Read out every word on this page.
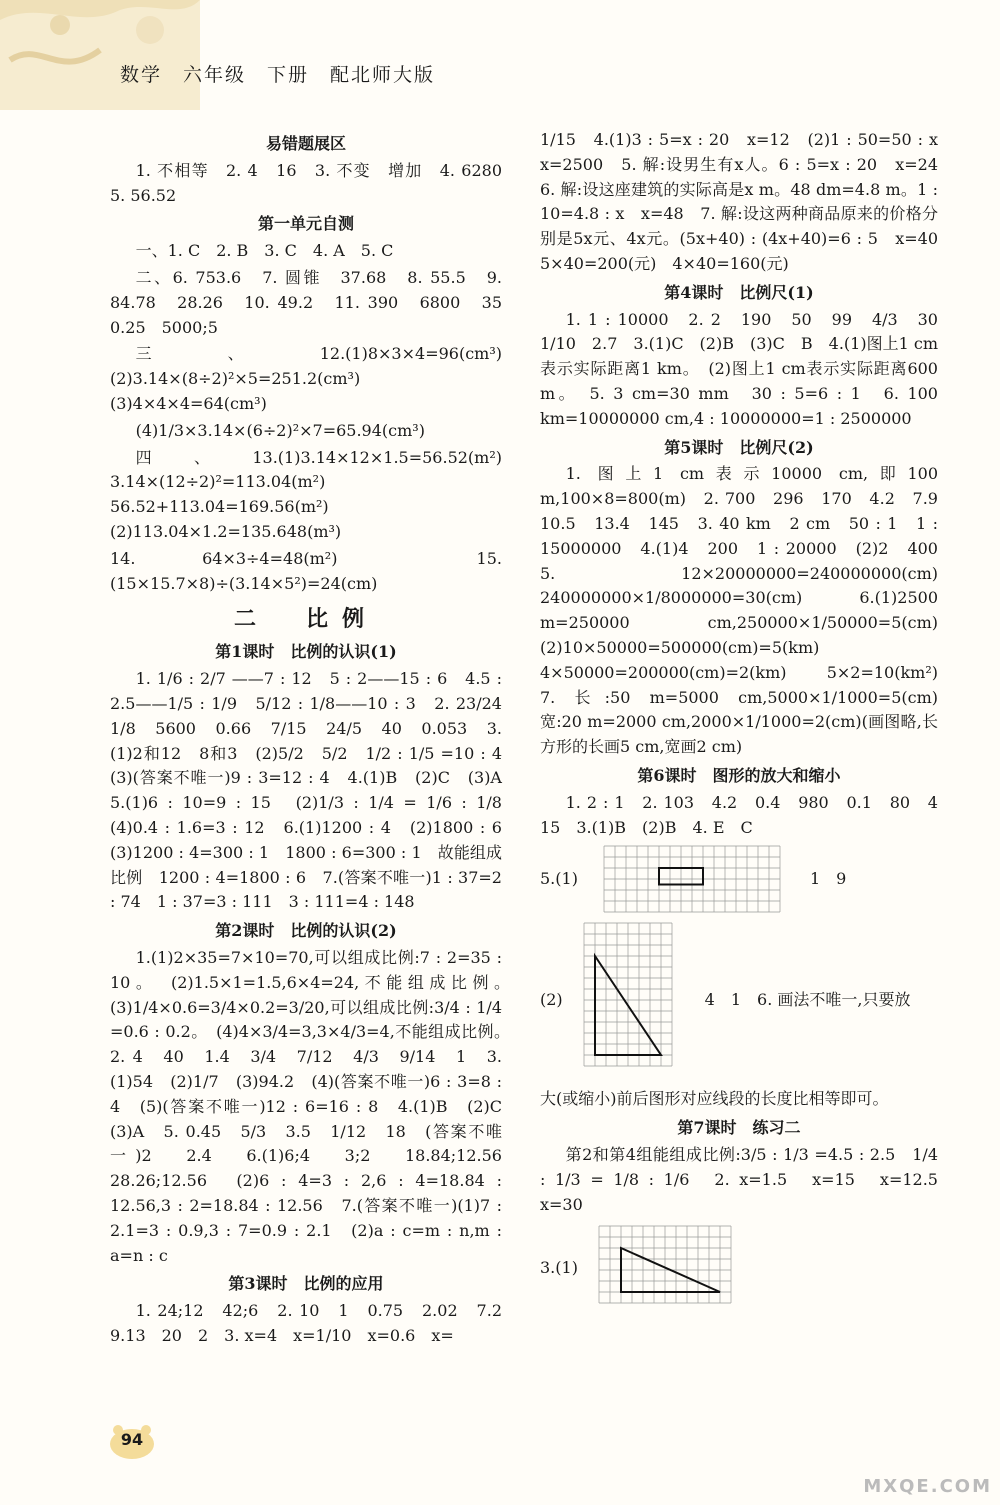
数学　六年级　下册　配北师大版
易错题展区

1. 不相等　2. 4　16　3. 不变　增加　4. 6280　5. 56.52

第一单元自测

一、1. C　2. B　3. C　4. A　5. C

二、6. 753.6　7. 圆锥　37.68　8. 55.5　9. 84.78　28.26　10. 49.2　11. 390　6800　35　0.25　5000;5

三、12.(1)8×3×4=96(cm³)　(2)3.14×(8÷2)²×5=251.2(cm³)　(3)4×4×4=64(cm³)

(4)1/3×3.14×(6÷2)²×7=65.94(cm³)

四、13.(1)3.14×12×1.5=56.52(m²)　3.14×(12÷2)²=113.04(m²)　56.52+113.04=169.56(m²)　(2)113.04×1.2=135.648(m³)

14. 64×3÷4=48(m²)　15. (15×15.7×8)÷(3.14×5²)=24(cm)

二　比例
第1课时　比例的认识(1)

1. 1/6 : 2/7 ——7 : 12　5 : 2——15 : 6　4.5 : 2.5——1/5 : 1/9　5/12 : 1/8——10 : 3　2. 23/24　1/8　5600　0.66　7/15　24/5　40　0.053　3.(1)2和12　8和3　(2)5/2　5/2　1/2 : 1/5 =10 : 4　(3)(答案不唯一)9 : 3=12 : 4　4.(1)B　(2)C　(3)A　5.(1)6 : 10=9 : 15　(2)1/3 : 1/4 = 1/6 : 1/8　(4)0.4 : 1.6=3 : 12　6.(1)1200 : 4　(2)1800 : 6　(3)1200 : 4=300 : 1　1800 : 6=300 : 1　故能组成比例　1200 : 4=1800 : 6　7.(答案不唯一)1 : 37=2 : 74　1 : 37=3 : 111　3 : 111=4 : 148

第2课时　比例的认识(2)

1.(1)2×35=7×10=70,可以组成比例:7 : 2=35 : 10。　(2)1.5×1=1.5,6×4=24,不能组成比例。　(3)1/4×0.6=3/4×0.2=3/20,可以组成比例:3/4 : 1/4 =0.6 : 0.2。　(4)4×3/4=3,3×4/3=4,不能组成比例。　2. 4　40　1.4　3/4　7/12　4/3　9/14　1　3.(1)54　(2)1/7　(3)94.2　(4)(答案不唯一)6 : 3=8 : 4　(5)(答案不唯一)12 : 6=16 : 8　4.(1)B　(2)C　(3)A　5. 0.45　5/3　3.5　1/12　18　(答案不唯一)2　2.4　6.(1)6;4　3;2　18.84;12.56　28.26;12.56　(2)6 : 4=3 : 2,6 : 4=18.84 : 12.56,3 : 2=18.84 : 12.56　7.(答案不唯一)(1)7 : 2.1=3 : 0.9,3 : 7=0.9 : 2.1　(2)a : c=m : n,m : a=n : c

第3课时　比例的应用

1. 24;12　42;6　2. 10　1　0.75　2.02　7.2　9.13　20　2　3. x=4　x=1/10　x=0.6　x=

1/15　4.(1)3 : 5=x : 20　x=12　(2)1 : 50=50 : x　x=2500　5. 解:设男生有x人。6 : 5=x : 20　x=24　6. 解:设这座建筑的实际高是x m。48 dm=4.8 m。1 : 10=4.8 : x　x=48　7. 解:设这两种商品原来的价格分别是5x元、4x元。(5x+40) : (4x+40)=6 : 5　x=40　5×40=200(元)　4×40=160(元)

第4课时　比例尺(1)

1. 1 : 10000　2. 2　190　50　99　4/3　30　1/10　2.7　3.(1)C　(2)B　(3)C　B　4.(1)图上1 cm表示实际距离1 km。　(2)图上1 cm表示实际距离600 m。　5. 3 cm=30 mm　30 : 5=6 : 1　6. 100 km=10000000 cm,4 : 10000000=1 : 2500000

第5课时　比例尺(2)

1. 图上1 cm表示10000 cm,即100 m,100×8=800(m)　2. 700　296　170　4.2　7.9　10.5　13.4　145　3. 40 km　2 cm　50 : 1　1 : 15000000　4.(1)4　200　1 : 20000　(2)2　400　5. 12×20000000=240000000(cm)　240000000×1/8000000=30(cm)　6.(1)2500 m=250000 cm,250000×1/50000=5(cm)　(2)10×50000=500000(cm)=5(km)　4×50000=200000(cm)=2(km)　5×2=10(km²)　7. 长:50 m=5000 cm,5000×1/1000=5(cm)　宽:20 m=2000 cm,2000×1/1000=2(cm)(画图略,长方形的长画5 cm,宽画2 cm)

第6课时　图形的放大和缩小

1. 2 : 1　2. 103　4.2　0.4　980　0.1　80　4　15　3.(1)B　(2)B　4. E　C

5.(1)	1　9
(2)	4　1　6. 画法不唯一,只要放

大(或缩小)前后图形对应线段的长度比相等即可。

第7课时　练习二

第2和第4组能组成比例:3/5 : 1/3 =4.5 : 2.5　1/4 : 1/3 = 1/8 : 1/6　2. x=1.5　x=15　x=12.5　x=30

3.(1)
94
MXQE.COM
